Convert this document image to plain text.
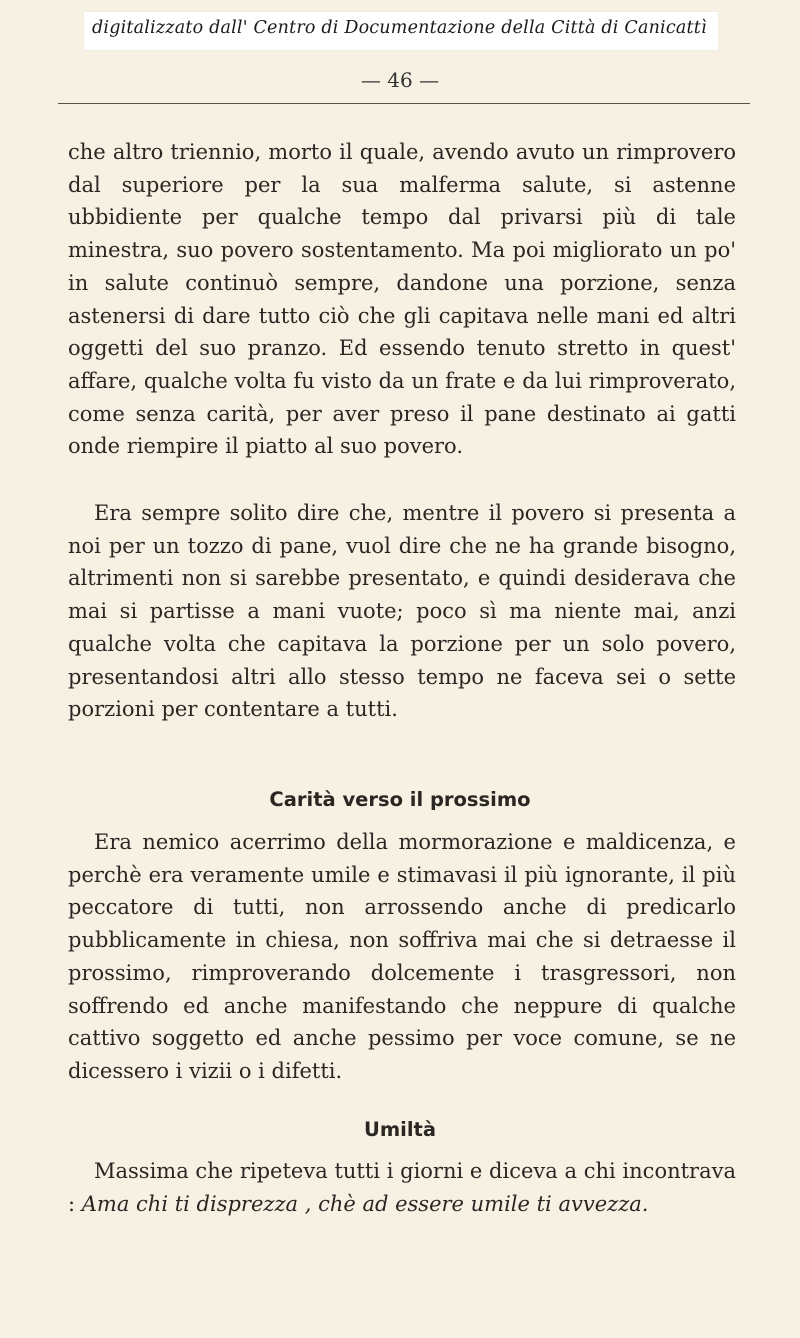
digitalizzato dall' Centro di Documentazione della Città di Canicattì
— 46 —

che altro triennio, morto il quale, avendo avuto un rimprovero dal superiore per la sua malferma salute, si astenne ubbidiente per qualche tempo dal privarsi più di tale minestra, suo povero sostentamento. Ma poi migliorato un po' in salute continuò sempre, dandone una porzione, senza astenersi di dare tutto ciò che gli capitava nelle mani ed altri oggetti del suo pranzo. Ed essendo tenuto stretto in quest' affare, qualche volta fu visto da un frate e da lui rimproverato, come senza carità, per aver preso il pane destinato ai gatti onde riempire il piatto al suo povero.

Era sempre solito dire che, mentre il povero si presenta a noi per un tozzo di pane, vuol dire che ne ha grande bisogno, altrimenti non si sarebbe presentato, e quindi desiderava che mai si partisse a mani vuote; poco sì ma niente mai, anzi qualche volta che capitava la porzione per un solo povero, presentandosi altri allo stesso tempo ne faceva sei o sette porzioni per contentare a tutti.

Carità verso il prossimo

Era nemico acerrimo della mormorazione e maldicenza, e perchè era veramente umile e stimavasi il più ignorante, il più peccatore di tutti, non arrossendo anche di predicarlo pubblicamente in chiesa, non soffriva mai che si detraesse il prossimo, rimproverando dolcemente i trasgressori, non soffrendo ed anche manifestando che neppure di qualche cattivo soggetto ed anche pessimo per voce comune, se ne dicessero i vizii o i difetti.

Umiltà

Massima che ripeteva tutti i giorni e diceva a chi incontrava : Ama chi ti disprezza , chè ad essere umile ti avvezza.
